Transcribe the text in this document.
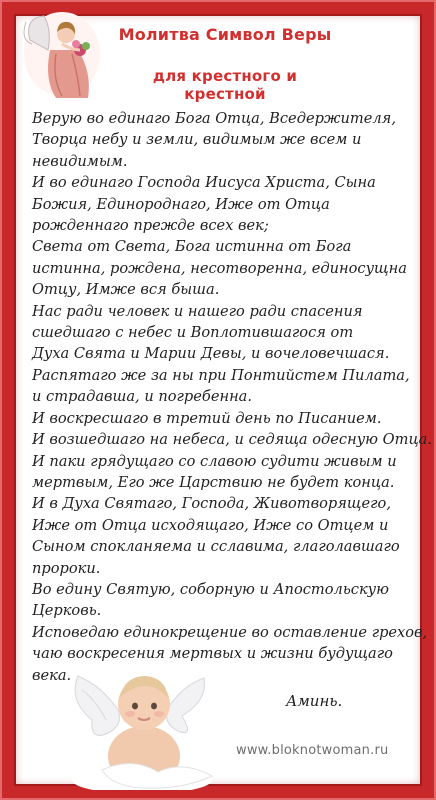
Молитва Символ Веры
для крестного и крестной
Верую во единаго Бога Отца, Вседержителя,
Творца небу и земли, видимым же всем и
невидимым.
И во единаго Господа Иисуса Христа, Сына
Божия, Единороднаго, Иже от Отца
рожденнаго прежде всех век;
Света от Света, Бога истинна от Бога
истинна, рождена, несотворенна, единосущна
Отцу, Имже вся быша.
Нас ради человек и нашего ради спасения
сшедшаго с небес и Воплотившагося от
Духа Свята и Марии Девы, и вочеловечшася.
Распятаго же за ны при Понтийстем Пилата,
и страдавша, и погребенна.
И воскресшаго в третий день по Писанием.
И возшедшаго на небеса, и седяща одесную Отца.
И паки грядущаго со славою судити живым и
мертвым, Его же Царствию не будет конца.
И в Духа Святаго, Господа, Животворящего,
Иже от Отца исходящаго, Иже со Отцем и
Сыном спокланяема и сславима, глаголавшаго
пророки.
Во едину Святую, соборную и Апостольскую
Церковь.
Исповедаю единокрещение во оставление грехов,
чаю воскресения мертвых и жизни будущаго
века.
Аминь.
www.bloknotwoman.ru
